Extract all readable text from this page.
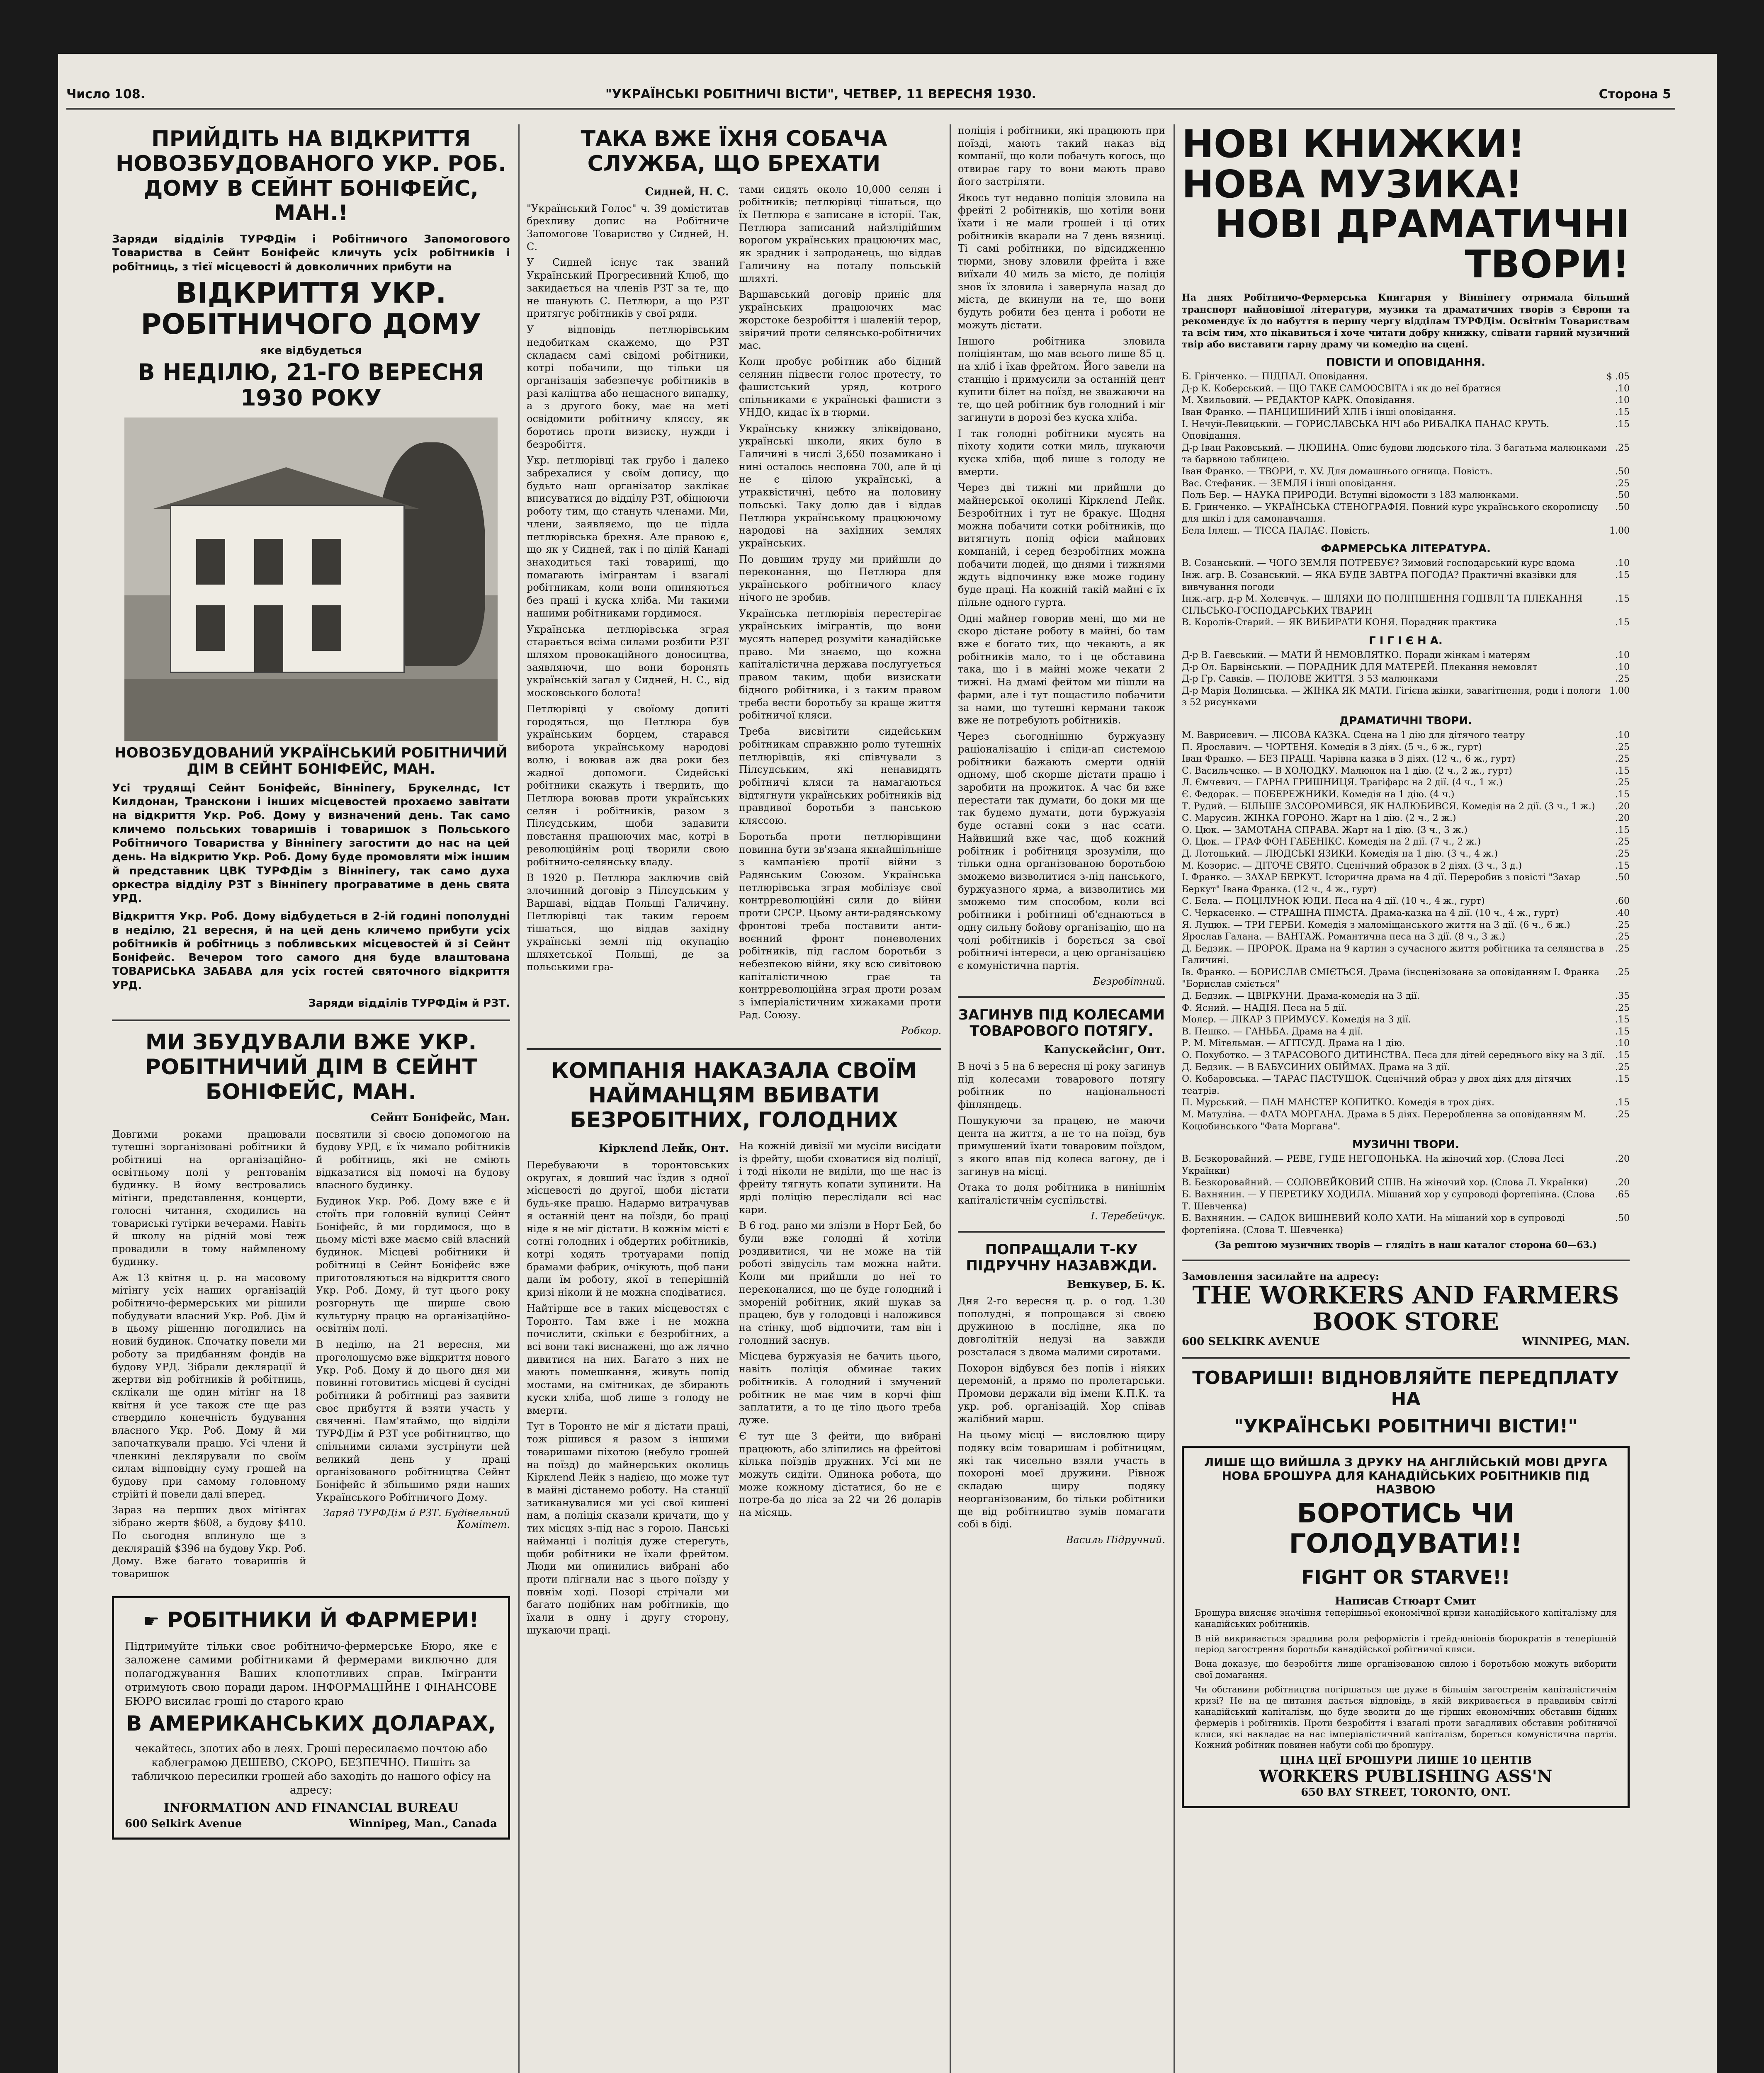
Число 108.	"УКРАЇНСЬКІ РОБІТНИЧІ ВІСТИ", ЧЕТВЕР, 11 ВЕРЕСНЯ 1930.	Сторона 5
ПРИЙДІТЬ НА ВІДКРИТТЯ НОВОЗБУДОВАНОГО УКР. РОБ. ДОМУ В СЕЙНТ БОНІФЕЙС, МАН.!
Заряди відділів ТУРФДім і Робітничого Запомогового Товариства в Сейнт Боніфейс кличуть усіх робітників і робітниць, з тієї місцевості й довколичних прибути на
ВІДКРИТТЯ УКР. РОБІТНИЧОГО ДОМУ
яке відбудеться
В НЕДІЛЮ, 21-ГО ВЕРЕСНЯ 1930 РОКУ
НОВОЗБУДОВАНИЙ УКРАЇНСЬКИЙ РОБІТНИЧИЙ ДІМ В СЕЙНТ БОНІФЕЙС, МАН.
Усі трудящі Сейнт Боніфейс, Вінніпегу, Брукелндс, Іст Килдонан, Транскони і інших місцевостей прохаємо завітати на відкриття Укр. Роб. Дому у визначений день. Так само кличемо польських товаришів і товаришок з Польського Робітничого Товариства у Вінніпегу загостити до нас на цей день. На відкритю Укр. Роб. Дому буде промовляти між іншим й представник ЦВК ТУРФДім з Вінніпегу, так само духа оркестра відділу РЗТ з Вінніпегу програватиме в день свята УРД.
Відкриття Укр. Роб. Дому відбудеться в 2-ій годині пополудні в неділю, 21 вересня, й на цей день кличемо прибути усіх робітників й робітниць з побливських місцевостей й зі Сейнт Боніфейс. Вечером того самого дня буде влаштована ТОВАРИСЬКА ЗАБАВА для усіх гостей святочного відкриття УРД.
Заряди відділів ТУРФДім й РЗТ.
МИ ЗБУДУВАЛИ ВЖЕ УКР. РОБІТНИЧИЙ ДІМ В СЕЙНТ БОНІФЕЙС, МАН.
Сейнт Боніфейс, Ман.

Довгими роками працювали тутешні зорганізовані робітники й робітниці на організаційно-освітньому полі у рентованім будинку. В йому вестровались мітінги, представлення, концерти, голосні читання, сходились на товариські гутірки вечерами. Навіть й школу на рідній мові теж провадили в тому наймленому будинку.

Аж 13 квітня ц. р. на масовому мітінгу усіх наших організацій робітничо-фермерських ми рішили побудувати власний Укр. Роб. Дім й в цьому рішенню погодились на новий будинок. Спочатку повели ми роботу за придбанням фондів на будову УРД. Зібрали деклярації й жертви від робітників й робітниць, склікали ще один мітінг на 18 квітня й усе також сте ще раз ствердило конечність будування власного Укр. Роб. Дому й ми започаткували працю. Усі члени й членкині деклярували по своїм силам відповідну суму грошей на будову при самому головному стрійті й повели далі вперед.

Зараз на перших двох мітінгах зібрано жертв $608, а будову $410. По сьогодня вплинуло ще з деклярацій $396 на будову Укр. Роб. Дому. Вже багато товаришів й товаришок

посвятили зі своєю допомогою на будову УРД, є їх чимало робітників й робітниць, які не сміють відказатися від помочі на будову власного будинку.

Будинок Укр. Роб. Дому вже є й стоїть при головній вулиці Сейнт Боніфейс, й ми гордимося, що в цьому місті вже маємо свій власний будинок. Місцеві робітники й робітниці в Сейнт Боніфейс вже приготовляються на відкриття свого Укр. Роб. Дому, й тут цього року розгорнуть ще ширше свою культурну працю на організаційно-освітнім полі.

В неділю, на 21 вересня, ми проголошуємо вже відкриття нового Укр. Роб. Дому й до цього дня ми повинні готовитись місцеві й сусідні робітники й робітниці раз заявити своє прибуття й взяти участь у свяченні. Пам'ятаймо, що відділи ТУРФДім й РЗТ усе робітництво, що спільними силами зустрінути цей великий день у праці організованого робітництва Сейнт Боніфейс й збільшимо ряди наших Українського Робітничого Дому.

Заряд ТУРФДім й РЗТ. Будівельний Комітет.

☛ РОБІТНИКИ Й ФАРМЕРИ!

Підтримуйте тільки своє робітничо-фермерське Бюро, яке є заложене самими робітниками й фермерами виключно для полагоджування Ваших клопотливих справ. Імігранти отримують свою поради даром. ІНФОРМАЦІЙНЕ І ФІНАНСОВЕ БЮРО висилає гроші до старого краю

В АМЕРИКАНСЬКИХ ДОЛАРАХ,

чекайтесь, злотих або в леях. Гроші пересилаємо почтою або каблеграмою ДЕШЕВО, СКОРО, БЕЗПЕЧНО. Пишіть за табличкою пересилки грошей або заходіть до нашого офісу на адресу:

INFORMATION AND FINANCIAL BUREAU
600 Selkirk Avenue	Winnipeg, Man., Canada
ТАКА ВЖЕ ЇХНЯ СОБАЧА СЛУЖБА, ЩО БРЕХАТИ
Сидней, Н. С.

"Український Голос" ч. 39 доміститав брехливу допис на Робітниче Запомогове Товариство у Сидней, Н. С.

У Сидней існує так званий Український Прогресивний Клюб, що закидається на членів РЗТ за те, що не шанують С. Петлюри, а що РЗТ притягує робітників у свої ряди.

У відповідь петлюрівським недобиткам скажемо, що РЗТ складаєм самі свідомі робітники, котрі побачили, що тільки ця організація забезпечує робітників в разі каліцтва або нещасного випадку, а з другого боку, має на меті освідомити робітничу кляссу, як боротись проти визиску, нужди і безробіття.

Укр. петлюрівці так грубо і далеко забрехалися у своїм допису, що будьто наш організатор заклікає вписуватися до відділу РЗТ, обіцюючи роботу тим, що стануть членами. Ми, члени, заявляємо, що це підла петлюрівська брехня. Але правою є, що як у Сидней, так і по цілій Канаді знаходиться такі товариші, що помагають імігрантам і взагалі робітникам, коли вони опиняються без праці і куска хліба. Ми такими нашими робітниками гордимося.

Українська петлюрівська зграя старається всіма силами розбити РЗТ шляхом провокаційного доносицтва, заявляючи, що вони боронять українській загал у Сидней, Н. С., від московського болота!

Петлюрівці у своїому допиті городяться, що Петлюра був українським борцем, старався виборота українському народові волю, і воював аж два роки без жадної допомоги. Сидейські робітники скажуть і твердить, що Петлюра воював проти українських селян і робітників, разом з Пілсудським, щоби задавити повстання працюючих мас, котрі в революційнім році творили свою робітничо-селянську владу.

В 1920 р. Петлюра заключив свій злочинний договір з Пілсудським у Варшаві, віддав Польщі Галичину. Петлюрівці так таким героєм тішаться, що віддав західну українські землі під окупацію шляхетської Польщі, де за польськими гра-

тами сидять около 10,000 селян і робітників; петлюрівці тішаться, що їх Петлюра є записане в історії. Так, Петлюра записаний найзлідійшим ворогом українських працюючих мас, як зрадник і запроданець, що віддав Галичину на поталу польській шляхті.

Варшавський договір приніс для українських працюючих мас жорстоке безробіття і шаленій терор, звірячий проти селянсько-робітничих мас.

Коли пробує робітник або бідний селянин підвести голос протесту, то фашистський уряд, котрого спільниками є українські фашисти з УНДО, кидає їх в тюрми.

Українську книжку зліквідовано, українські школи, яких було в Галичині в числі 3,650 позамикано і нині осталось несповна 700, але й ці не є цілою українські, а утраквістичні, цебто на половину польські. Таку долю дав і віддав Петлюра українському працюючому народові на західних землях українських.

По довшим труду ми прийшли до переконання, що Петлюра для українського робітничого класу нічого не зробив.

Українська петлюрівія перестерігає українських імігрантів, що вони мусять наперед розуміти канадійське право. Ми знаємо, що кожна капіталістична держава послугується правом таким, щоби визискати бідного робітника, і з таким правом треба вести боротьбу за краще життя робітничої кляси.

Треба висвітити сидейським робітникам справжню ролю тутешніх петлюрівців, які співчували з Пілсудським, які ненавидять робітничі кляси та намагаються відтягнути українських робітників від правдивої боротьби з панською кляссою.

Боротьба проти петлюрівщини повинна бути зв'язана якнайшільніше з кампанією протії війни з Радянським Союзом. Українська петлюрівська зграя мобілізує свої контрреволюційні сили до війни проти СРСР. Цьому анти-радянському фронтові треба поставити анти-воєнний фронт поневолених робітників, під гаслом боротьби з небезпекою війни, яку всю сивітовою капіталістичною грає та контрреволюційна зграя проти розам з імперіалістичним хижаками проти Рад. Союзу.

Робкор.

КОМПАНІЯ НАКАЗАЛА СВОЇМ НАЙМАНЦЯМ ВБИВАТИ БЕЗРОБІТНИХ, ГОЛОДНИХ
Кірклend Лейк, Онт.

Перебуваючи в торонтовських округах, я довший час їздив з одної місцевості до другої, щоби дістати будь-яке працю. Надармо витрачував я останній цент на поїзди, бо праці ніде я не міг дістати. В кожнім місті є сотні голодних і обдертих робітників, котрі ходять тротуарами попід брамами фабрик, очікують, щоб пани дали їм роботу, якої в теперішній кризі ніколи й не можна сподіватися.

Найтірше все в таких місцевостях є Торонто. Там вже і не можна почислити, скільки є безробітних, а всі вони такі виснажені, що аж лячно дивитися на них. Багато з них не мають помешкання, живуть попід мостами, на смітниках, де збирають куски хліба, щоб лише з голоду не вмерти.

Тут в Торонто не міг я дістати праці, тож рішився я разом з іншими товаришами піхотою (небуло грошей на поїзд) до майнерських околиць Кірклend Лейк з надією, що може тут в майні дістанемо роботу. На станції затиканувалися ми усі свої кишені нам, а поліція сказали кричати, що у тих місцях з-під нас з горою. Панські найманці і поліція дуже стерегуть, щоби робітники не їхали фрейтом. Люди ми опинились вибрані або проти плігнали нас з цього поїзду у повнім ході. Позорі стрічали ми багато подібних нам робітників, що їхали в одну і другу сторону, шукаючи праці.

На кожній дивізії ми мусіли висідати із фрейту, щоби сховатися від поліції, і тоді ніколи не виділи, що ще нас із фрейту тягнуть копати зупинити. На ярді поліцію переслідали всі нас кари.

В 6 год. рано ми злізли в Норт Бей, бо були вже голодні й хотіли роздивитися, чи не може на тій роботі звідусіль там можна найти. Коли ми прийшли до неї то переконалися, що це буде голодний і змореній робітник, який шукав за працею, був у голодовці і наложився на стінку, щоб відпочити, там він і голодний заснув.

Місцева буржуазія не бачить цього, навіть поліція обминає таких робітників. А голодний і змучений робітник не має чим в корчі фіш заплатити, а то це тіло цього треба дуже.

Є тут ще 3 фейти, що вибрані працюють, або зліпились на фрейтові кілька поїздів дружних. Усі ми не можуть сидіти. Одинока робота, що може кожному дістатися, бо не є потре-ба до ліса за 22 чи 26 доларів на місяць.

поліція і робітники, які працюють при поїзді, мають такий наказ від компанії, що коли побачуть когось, що отвирає гару то вони мають право його застріляти.

Якось тут недавно поліція зловила на фрейті 2 робітників, що хотіли вони їхати і не мали грошей і ці отих робітників вкарали на 7 день вязниці. Ті самі робітники, по відсидженню тюрми, знову зловили фрейта і вже виїхали 40 миль за місто, де поліція знов їх зловила і завернула назад до міста, де вкинули на те, що вони будуть робити без цента і роботи не можуть дістати.

Іншого робітника зловила поліціянтам, що мав всього лише 85 ц. на хліб і їхав фрейтом. Його завели на станцію і примусили за останній цент купити білет на поїзд, не зважаючи на те, що цей робітник був голодний і міг загинути в дорозі без куска хліба.

І так голодні робітники мусять на піхоту ходити сотки миль, шукаючи куска хліба, щоб лише з голоду не вмерти.

Через дві тижні ми прийшли до майнерської околиці Кірклend Лейк. Безробітних і тут не бракує. Щодня можна побачити сотки робітників, що витягнуть попід офіси майнових компаній, і серед безробітних можна побачити людей, що днями і тижнями ждуть відпочинку вже може годину буде праці. На кожній такій майні є їх пільне одного гурта.

Одні майнер говорив мені, що ми не скоро дістане роботу в майні, бо там вже є богато тих, що чекають, а як робітників мало, то і це обставина така, що і в майні може чекати 2 тижні. На дмамі фейтом ми пішли на фарми, але і тут пощастило побачити за нами, що тутешні кермани також вже не потребують робітників.

Через сьогоднішню буржуазну раціоналізацію і спіди-ап системою робітники бажають смерти одній одному, щоб скорше дістати працю і заробити на прожиток. А час би вже перестати так думати, бо доки ми ще так будемо думати, доти буржуазія буде оставні соки з нас ссати. Найвищий вже час, щоб кожний робітник і робітниця зрозуміли, що тільки одна організованою боротьбою зможемо визволитися з-під панського, буржуазного ярма, а визволитись ми зможемо тим способом, коли всі робітники і робітниці об'єднаються в одну сильну бойову організацію, що на чолі робітників і борється за свої робітничі інтереси, а цею організацією є комуністична партія.

Безробітний.

ЗАГИНУВ ПІД КОЛЕСАМИ ТОВАРОВОГО ПОТЯГУ.
Капускейсінг, Онт.

В ночі з 5 на 6 вересня ці року загинув під колесами товарового потягу робітник по національності фінляндець.

Пошукуючи за працею, не маючи цента на життя, а не то на поїзд, був примушений їхати товаровим поїздом, з якого впав під колеса вагону, де і загинув на місці.

Отака то доля робітника в нинішнім капіталістичнім суспільстві.

І. Теребейчук.

ПОПРАЩАЛИ Т-КУ ПІДРУЧНУ НАЗАВЖДИ.
Венкувер, Б. К.

Дня 2-го вересня ц. р. о год. 1.30 пополудні, я попрощався зі своєю дружиною в послідне, яка по довголітній недузі на завжди розсталася з двома малими сиротами.

Похорон відбувся без попів і ніяких церемоній, а прямо по пролетарськи. Промови держали від імени К.П.К. та укр. роб. організацій. Хор співав жалібний марш.

На цьому місці — висловлюю щиру подяку всім товаришам і робітницям, які так чисельно взяли участь в похороні моєї дружини. Рівнож складаю щиру подяку неорганізованим, бо тільки робітники ще від робітництво зумів помагати собі в біді.

Василь Підручний.

НОВІ КНИЖКИ! НОВА МУЗИКА!
НОВІ ДРАМАТИЧНІ ТВОРИ!

На днях Робітничо-Фермерська Книгарня у Вінніпегу отримала більший транспорт найновішої літератури, музики та драматичних творів з Європи та рекомендує їх до набуття в першу чергу відділам ТУРФДім. Освітнім Товариствам та всім тим, хто цікавиться і хоче читати добру книжку, співати гарний музичний твір або виставити гарну драму чи комедію на сцені.

ПОВІСТИ И ОПОВІДАННЯ.
Б. Грінченко. — ПІДПАЛ. Оповідання.	$ .05
Д-р К. Коберський. — ЩО ТАКЕ САМООСВІТА і як до неї братися	.10
М. Хвильовий. — РЕДАКТОР КАРК. Оповідання.	.10
Іван Франко. — ПАНЦИШИНИЙ ХЛІБ і інші оповідання.	.15
І. Нечуй-Левицький. — ГОРИСЛАВСЬКА НІЧ або РИБАЛКА ПАНАС КРУТЬ. Оповідання.
.15
Д-р Іван Раковський. — ЛЮДИНА. Опис будови людського тіла. З багатьма малюнками та барвною таблицею.
.25
Іван Франко. — ТВОРИ, т. XV. Для домашнього огнища. Повість.	.50
Вас. Стефаник. — ЗЕМЛЯ і інші оповідання.	.25
Поль Бер. — НАУКА ПРИРОДИ. Вступні відомости з 183 малюнками.	.50
Б. Гринченко. — УКРАЇНСЬКА СТЕНОГРАФІЯ. Повний курс українського скорописцу для шкіл і для самонавчання.
.50
Бела Іллеш. — ТІССА ПАЛАЄ. Повість.	1.00
ФАРМЕРСЬКА ЛІТЕРАТУРА.
В. Созанський. — ЧОГО ЗЕМЛЯ ПОТРЕБУЄ? Зимовий господарський курс вдома	.10
Інж. агр. В. Созанський. — ЯКА БУДЕ ЗАВТРА ПОГОДА? Практичні вказівки для вивчування погоди
.15
Інж.-агр. д-р М. Холевчук. — ШЛЯХИ ДО ПОЛІПШЕННЯ ГОДІВЛІ ТА ПЛЕКАННЯ СІЛЬСЬКО-ГОСПОДАРСЬКИХ ТВАРИН
.15
В. Королів-Старий. — ЯК ВИБИРАТИ КОНЯ. Порадник практика	.15
Г І Г І Є Н А.
Д-р В. Гаєвський. — МАТИ Й НЕМОВЛЯТКО. Поради жінкам і матерям	.10
Д-р Ол. Барвінський. — ПОРАДНИК ДЛЯ МАТЕРЕЙ. Плекання немовлят	.10
Д-р Гр. Савків. — ПОЛОВЕ ЖИТТЯ. З 53 малюнками	.25
Д-р Марія Долинська. — ЖІНКА ЯК МАТИ. Гігієна жінки, завагітнення, роди і пологи з 52 рисунками
1.00
ДРАМАТИЧНІ ТВОРИ.
М. Ваврисевич. — ЛІСОВА КАЗКА. Сцена на 1 дію для дітячого театру	.10
П. Ярославич. — ЧОРТЕНЯ. Комедія в 3 діях. (5 ч., 6 ж., гурт)	.25
Іван Франко. — БЕЗ ПРАЦІ. Чарівна казка в 3 діях. (12 ч., 6 ж., гурт)	.25
С. Васильченко. — В ХОЛОДКУ. Малюнок на 1 дію. (2 ч., 2 ж., гурт)	.15
Л. Ємчевич. — ГАРНА ГРИШНИЦЯ. Трагіфарс на 2 дії. (4 ч., 1 ж.)	.25
Є. Федорак. — ПОБЕРЕЖНИКИ. Комедія на 1 дію. (4 ч.)	.15
Т. Рудий. — БІЛЬШЕ ЗАСОРОМИВСЯ, ЯК НАЛЮБИВСЯ. Комедія на 2 дії. (3 ч., 1 ж.)	.20
С. Марусин. ЖІНКА ГОРОНО. Жарт на 1 дію. (2 ч., 2 ж.)	.20
О. Цюк. — ЗАМОТАНА СПРАВА. Жарт на 1 дію. (3 ч., 3 ж.)	.15
О. Цюк. — ГРАФ ФОН ГАБЕНІКС. Комедія на 2 дії. (7 ч., 2 ж.)	.25
Д. Лотоцький. — ЛЮДСЬКІ ЯЗИКИ. Комедія на 1 дію. (3 ч., 4 ж.)	.25
М. Козорис. — ДІТОЧЕ СВЯТО. Сценічний образок в 2 діях. (3 ч., 3 д.)	.15
І. Франко. — ЗАХАР БЕРКУТ. Історична драма на 4 дії. Переробив з повісті "Захар Беркут" Івана Франка. (12 ч., 4 ж., гурт)
.50
С. Бела. — ПОЦІЛУНОК ЮДИ. Песа на 4 дії. (10 ч., 4 ж., гурт)	.60
С. Черкасенко. — СТРАШНА ПІМСТА. Драма-казка на 4 дії. (10 ч., 4 ж., гурт)	.40
Я. Луцюк. — ТРИ ГЕРБИ. Комедія з маломіщанського життя на 3 дії. (6 ч., 6 ж.)	.25
Ярослав Галана. — ВАНТАЖ. Романтична песа на 3 дії. (8 ч., 3 ж.)	.25
Д. Бедзик. — ПРОРОК. Драма на 9 картин з сучасного життя робітника та селянства в Галичині.
.25
Ів. Франко. — БОРИСЛАВ СМІЄТЬСЯ. Драма (інсценізована за оповіданням І. Франка "Борислав сміється"
.25
Д. Бедзик. — ЦВІРКУНИ. Драма-комедія на 3 дії.	.35
Ф. Ясний. — НАДІЯ. Песа на 5 дії.	.25
Молєр. — ЛІКАР З ПРИМУСУ. Комедія на 3 дії.	.15
В. Пешко. — ГАНЬБА. Драма на 4 дії.	.15
Р. М. Мітельман. — АГІТСУД. Драма на 1 дію.	.10
О. Похуботко. — З ТАРАСОВОГО ДИТИНСТВА. Песа для дітей середнього віку на 3 дії.	.15
Д. Бедзик. — В БАБУСИНИХ ОБІЙМАХ. Драма на 3 дії.	.25
О. Кобаровська. — ТАРАС ПАСТУШОК. Сценічний образ у двох діях для дітячих театрів.
.15
П. Мурський. — ПАН МАНСТЕР КОПИТКО. Комедія в трох діях.	.15
М. Матуліна. — ФАТА МОРГАНА. Драма в 5 діях. Переробленна за оповіданням М. Коцюбинського "Фата Моргана".
.25
МУЗИЧНІ ТВОРИ.
В. Безкоровайний. — РЕВЕ, ГУДЕ НЕГОДОНЬКА. На жіночий хор. (Слова Лесі Українки)
.20
В. Безкоровайний. — СОЛОВЕЙКОВИЙ СПІВ. На жіночий хор. (Слова Л. Українки)	.20
Б. Вахнянин. — У ПЕРЕТИКУ ХОДИЛА. Мішаний хор у супроводі фортепіяна. (Слова Т. Шевченка)
.65
Б. Вахнянин. — САДОК ВИШНЕВИЙ КОЛО ХАТИ. На мішаний хор в супроводі фортепіяна. (Слова Т. Шевченка)
.50
(За рештою музичних творів — глядіть в наш каталог сторона 60—63.)
Замовлення засилайте на адресу:
THE WORKERS AND FARMERS
BOOK STORE
600 SELKIRK AVENUE	WINNIPEG, MAN.
ТОВАРИШІ! ВІДНОВЛЯЙТЕ ПЕРЕДПЛАТУ НА
"УКРАЇНСЬКІ РОБІТНИЧІ ВІСТИ!"
ЛИШЕ ЩО ВИЙШЛА З ДРУКУ НА АНГЛІЙСЬКІЙ МОВІ ДРУГА НОВА БРОШУРА ДЛЯ КАНАДІЙСЬКИХ РОБІТНИКІВ ПІД НАЗВОЮ
БОРОТИСЬ ЧИ ГОЛОДУВАТИ!!
FIGHT OR STARVE!!
Написав Стюарт Смит

Брошура виясняє значіння теперішньої економічної кризи канадійського капіталізму для канадійських робітників.

В ній викривається зрадлива роля реформістів і трейд-юніонів бюрократів в теперішній період загострення боротьби канадійської робітничої кляси.

Вона доказує, що безробіття лише організованою силою і боротьбою можуть виборити свої домагання.

Чи обставини робітництва погіршаться ще дуже в більшім загостренім капіталістичнім кризі? Не на це питання дається відповідь, в якій викривається в правдивім світлі канадійський капіталізм, що буде зводити до ще гірших економічних обставин бідних фермерів і робітників. Проти безробіття і взагалі проти загадливих обставин робітничої кляси, які накладає на нас імперіалістичний капіталізм, бореться комуністична партія. Кожний робітник повинен набути собі цю брошуру.

ЦІНА ЦЕЇ БРОШУРИ ЛИШЕ 10 ЦЕНТІВ
WORKERS PUBLISHING ASS'N
650 BAY STREET, TORONTO, ONT.
